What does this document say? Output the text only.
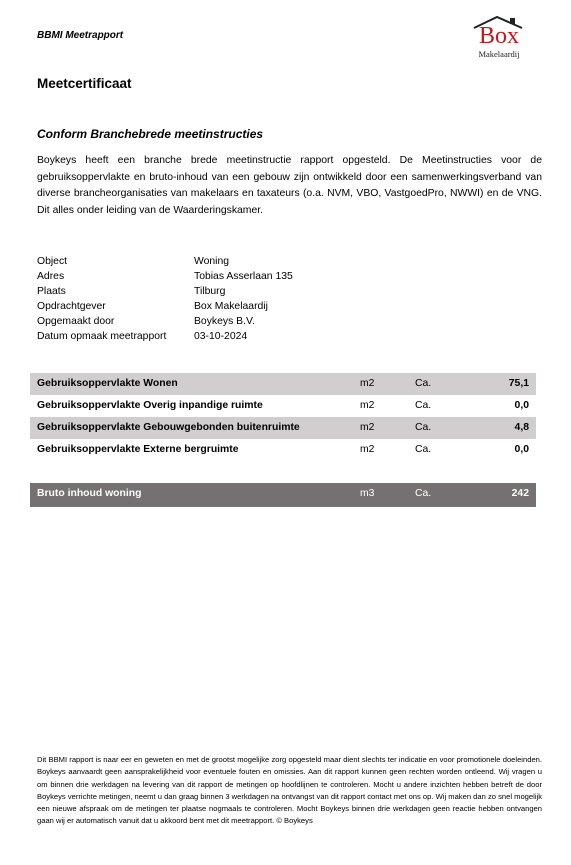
BBMI Meetrapport	Box
Makelaardij
Meetcertificaat
Conform Branchebrede meetinstructies
Boykeys heeft een branche brede meetinstructie rapport opgesteld. De Meetinstructies voor de gebruiksoppervlakte en bruto-inhoud van een gebouw zijn ontwikkeld door een samenwerkingsverband van diverse brancheorganisaties van makelaars en taxateurs (o.a. NVM, VBO, VastgoedPro, NWWI) en de VNG. Dit alles onder leiding van de Waarderingskamer.
Object	Woning
Adres	Tobias Asserlaan 135
Plaats	Tilburg
Opdrachtgever	Box Makelaardij
Opgemaakt door	Boykeys B.V.
Datum opmaak meetrapport	03-10-2024
Gebruiksoppervlakte Wonen	m2	Ca.	75,1
Gebruiksoppervlakte Overig inpandige ruimte	m2	Ca.	0,0
Gebruiksoppervlakte Gebouwgebonden buitenruimte	m2	Ca.	4,8
Gebruiksoppervlakte Externe bergruimte	m2	Ca.	0,0
Bruto inhoud woning	m3	Ca.	242
Dit BBMI rapport is naar eer en geweten en met de grootst mogelijke zorg opgesteld maar dient slechts ter indicatie en voor promotionele doeleinden. Boykeys aanvaardt geen aansprakelijkheid voor eventuele fouten en omissies. Aan dit rapport kunnen geen rechten worden ontleend. Wij vragen u om binnen drie werkdagen na levering van dit rapport de metingen op hoofdlijnen te controleren. Mocht u andere inzichten hebben betreft de door Boykeys verrichte metingen, neemt u dan graag binnen 3 werkdagen na ontvangst van dit rapport contact met ons op. Wij maken dan zo snel mogelijk een nieuwe afspraak om de metingen ter plaatse nogmaals te controleren. Mocht Boykeys binnen drie werkdagen geen reactie hebben ontvangen gaan wij er automatisch vanuit dat u akkoord bent met dit meetrapport. © Boykeys
